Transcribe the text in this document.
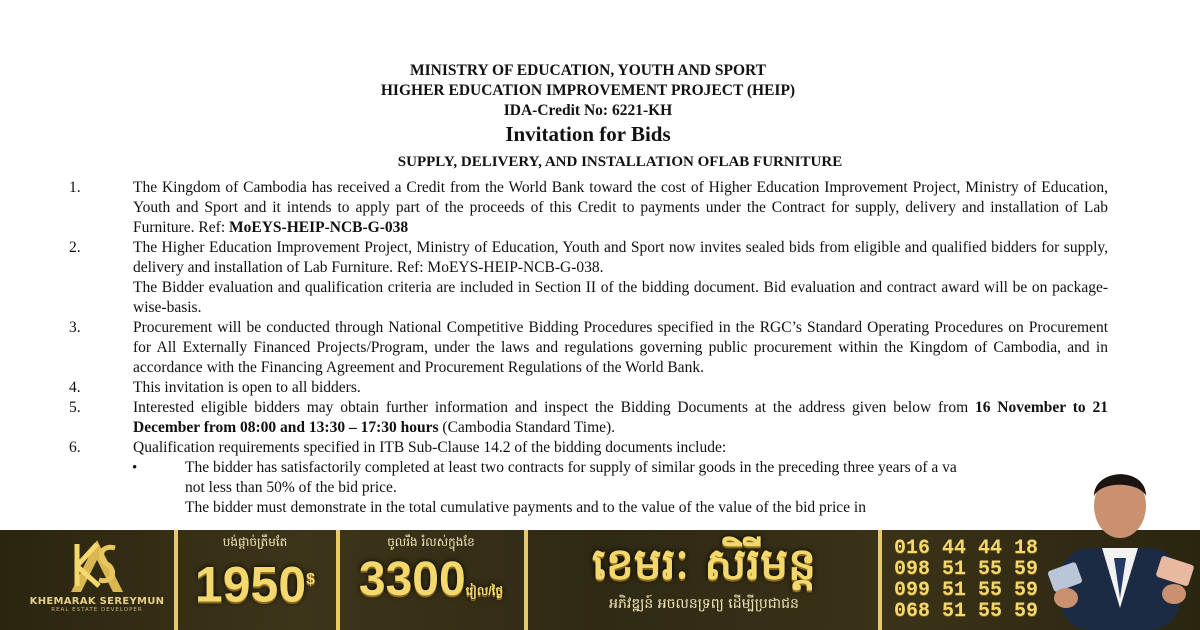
MINISTRY OF EDUCATION, YOUTH AND SPORT
HIGHER EDUCATION IMPROVEMENT PROJECT (HEIP)
IDA-Credit No: 6221-KH
Invitation for Bids
SUPPLY, DELIVERY, AND INSTALLATION OFLAB FURNITURE
1.	The Kingdom of Cambodia has received a Credit from the World Bank toward the cost of Higher Education Improvement Project, Ministry of Education, Youth and Sport and it intends to apply part of the proceeds of this Credit to payments under the Contract for supply, delivery and installation of Lab Furniture. Ref: MoEYS-HEIP-NCB-G-038
2.	The Higher Education Improvement Project, Ministry of Education, Youth and Sport now invites sealed bids from eligible and qualified bidders for supply, delivery and installation of Lab Furniture. Ref: MoEYS-HEIP-NCB-G-038.
The Bidder evaluation and qualification criteria are included in Section II of the bidding document. Bid evaluation and contract award will be on package-wise-basis.
3.	Procurement will be conducted through National Competitive Bidding Procedures specified in the RGC’s Standard Operating Procedures on Procurement for All Externally Financed Projects/Program, under the laws and regulations governing public procurement within the Kingdom of Cambodia, and in accordance with the Financing Agreement and Procurement Regulations of the World Bank.
4.	This invitation is open to all bidders.
5.	Interested eligible bidders may obtain further information and inspect the Bidding Documents at the address given below from 16 November to 21 December from 08:00 and 13:30 – 17:30 hours (Cambodia Standard Time).
6.	Qualification requirements specified in ITB Sub-Clause 14.2 of the bidding documents include:
•	The bidder has satisfactorily completed at least two contracts for supply of similar goods in the preceding three years of a va
not less than 50% of the bid price.
The bidder must demonstrate in the total cumulative payments and to the value of the value of the bid price in
KHEMARAK SEREYMUN
REAL ESTATE DEVELOPER
បង់ផ្ដាច់ត្រឹមតែ
1950$
ចូលរឹង រំលស់ក្នុងខែ
3300រៀល/ថ្ងៃ
ខេមរៈ សិរីមន្ត
អភិវឌ្ឍន៍ អចលនទ្រព្យ ដើម្បីប្រជាជន
016 44 44 18
098 51 55 59
099 51 55 59
068 51 55 59
